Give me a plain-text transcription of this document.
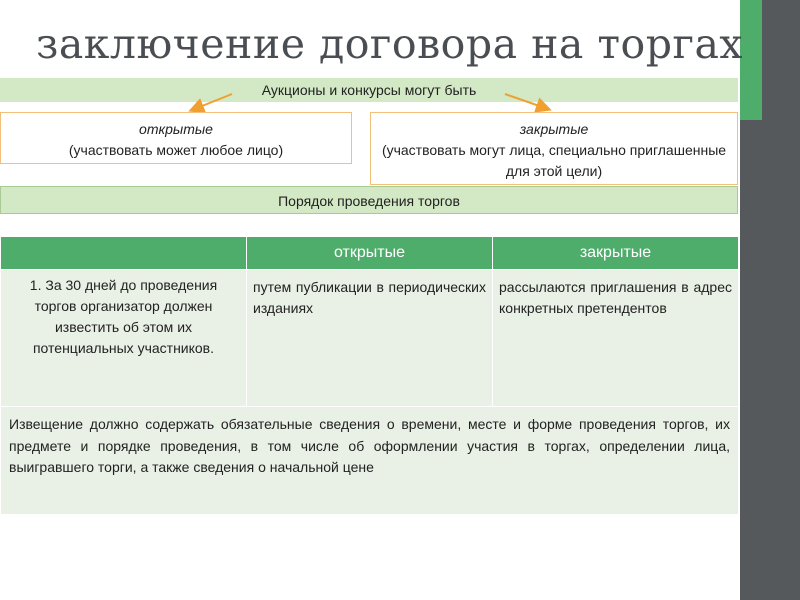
заключение договора на торгах
Аукционы и конкурсы могут быть
открытые
(участвовать может любое лицо)
закрытые
(участвовать могут лица, специально приглашенные для этой цели)
Порядок проведения торгов
	открытые	закрытые
1. За 30 дней до проведения торгов организатор должен известить об этом их потенциальных участников.	путем публикации в периодических изданиях	рассылаются приглашения в адрес конкретных претендентов
Извещение должно содержать обязательные сведения о времени, месте и форме проведения торгов, их предмете и порядке проведения, в том числе об оформлении участия в торгах, определении лица, выигравшего торги, а также сведения о начальной цене		
